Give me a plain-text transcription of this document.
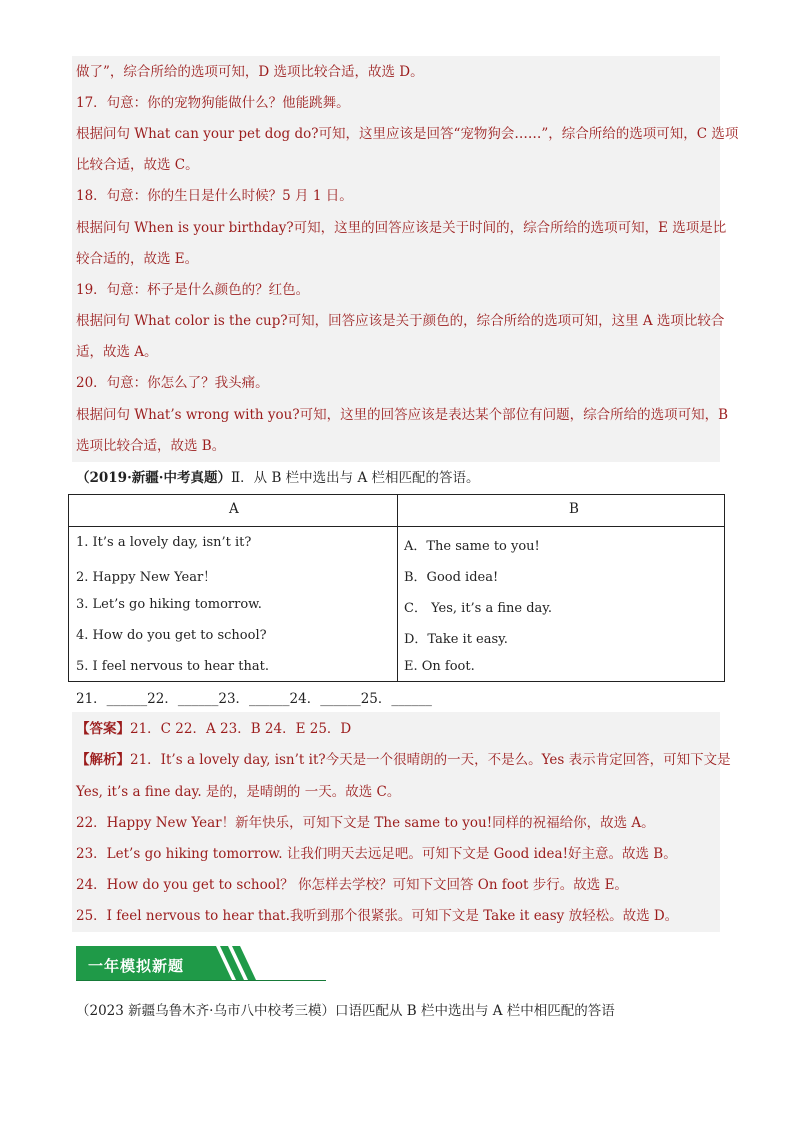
做了”，综合所给的选项可知，D 选项比较合适，故选 D。
17．句意：你的宠物狗能做什么？他能跳舞。
根据问句 What can your pet dog do?可知，这里应该是回答“宠物狗会……”，综合所给的选项可知，C 选项
比较合适，故选 C。
18．句意：你的生日是什么时候？5 月 1 日。
根据问句 When is your birthday?可知，这里的回答应该是关于时间的，综合所给的选项可知，E 选项是比
较合适的，故选 E。
19．句意：杯子是什么颜色的？红色。
根据问句 What color is the cup?可知，回答应该是关于颜色的，综合所给的选项可知，这里 A 选项比较合
适，故选 A。
20．句意：你怎么了？我头痛。
根据问句 What’s wrong with you?可知，这里的回答应该是表达某个部位有问题，综合所给的选项可知，B
选项比较合适，故选 B。
（2019·新疆·中考真题）Ⅱ．从 B 栏中选出与 A 栏相匹配的答语。
A	B
1. It’s a lovely day, isn’t it?
2. Happy New Year！
3. Let’s go hiking tomorrow.
4. How do you get to school?
5. I feel nervous to hear that.
A．The same to you!
B．Good idea!
C． Yes, it’s a fine day.
D．Take it easy.
E. On foot.
21．______22．______23．______24．______25．______
【答案】21．C 22．A 23．B 24．E 25．D
【解析】21．It’s a lovely day, isn’t it?今天是一个很晴朗的一天，不是么。Yes 表示肯定回答，可知下文是
Yes, it’s a fine day. 是的，是晴朗的 一天。故选 C。
22．Happy New Year！新年快乐，可知下文是 The same to you!同样的祝福给你，故选 A。
23．Let’s go hiking tomorrow. 让我们明天去远足吧。可知下文是 Good idea!好主意。故选 B。
24．How do you get to school？ 你怎样去学校？可知下文回答 On foot 步行。故选 E。
25．I feel nervous to hear that.我听到那个很紧张。可知下文是 Take it easy 放轻松。故选 D。
一年模拟新题
（2023 新疆乌鲁木齐·乌市八中校考三模）口语匹配从 B 栏中选出与 A 栏中相匹配的答语
